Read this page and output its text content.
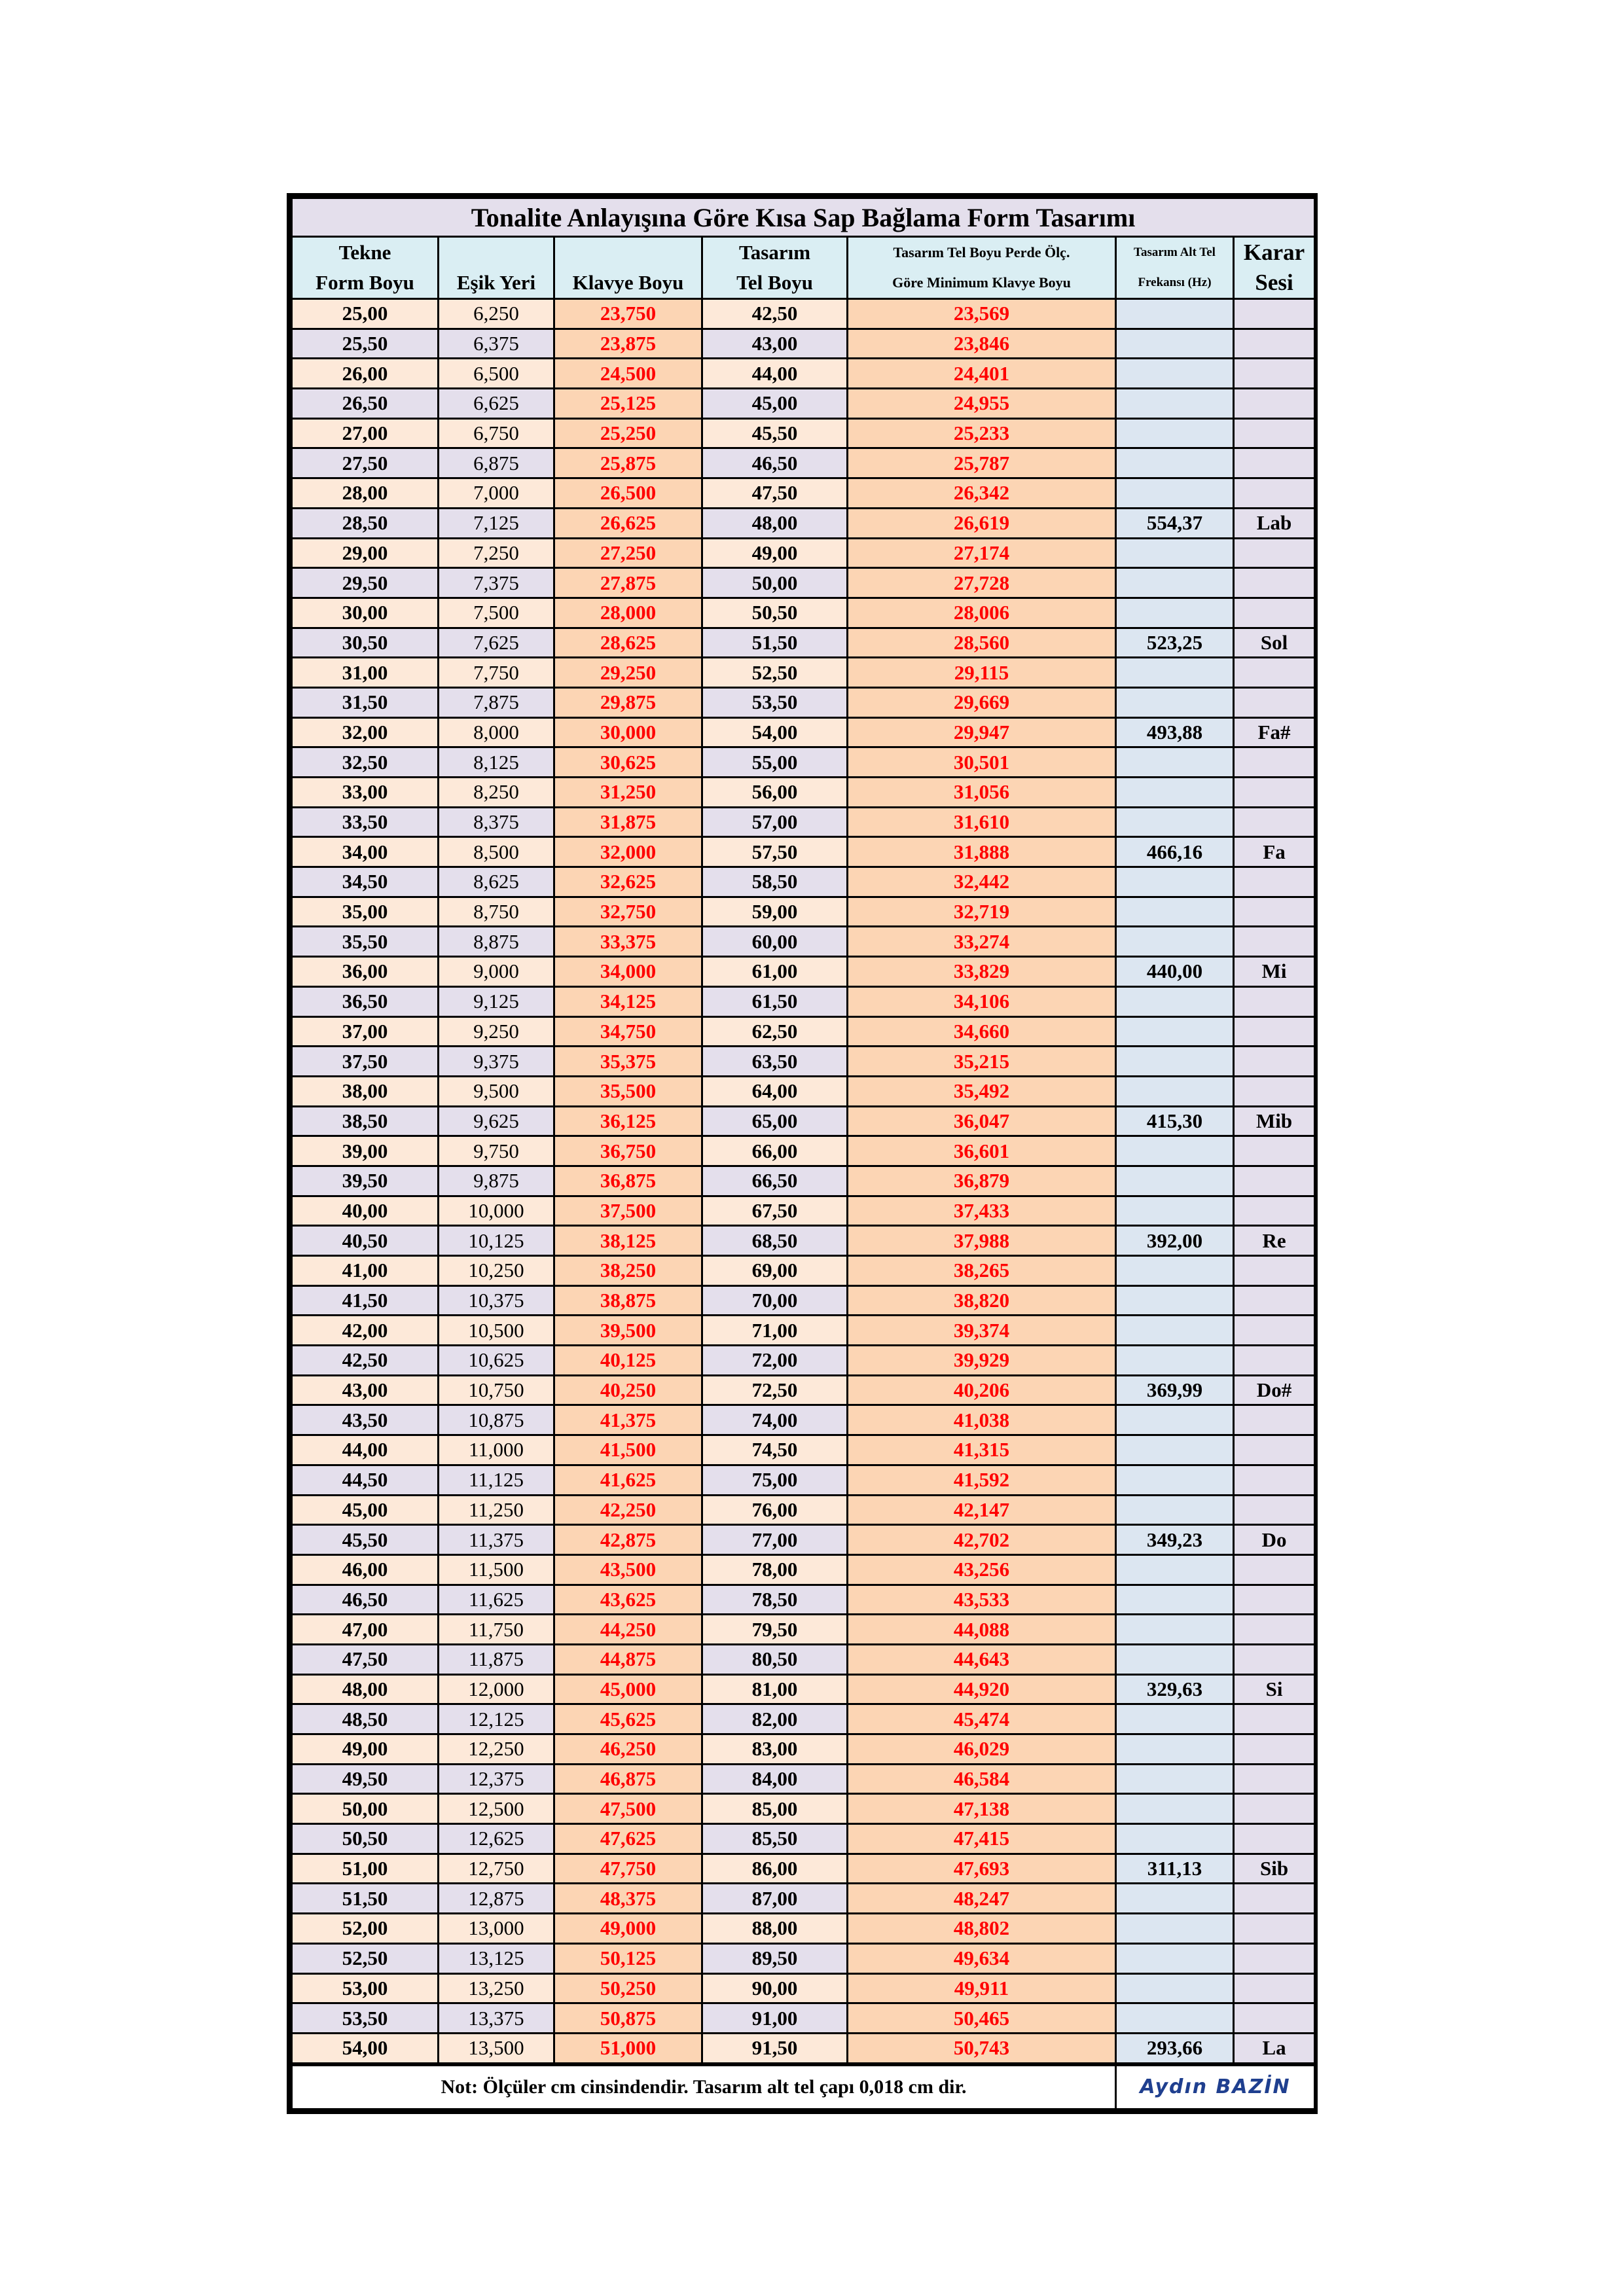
Tonalite Anlayışına Göre Kısa Sap Bağlama Form Tasarımı						
Tekne			Tasarım	Tasarım Tel Boyu Perde Ölç.	Tasarım Alt Tel	Karar
Form Boyu	Eşik Yeri	Klavye Boyu	Tel Boyu	Göre Minimum Klavye Boyu	Frekansı (Hz)	Sesi
25,00	6,250	23,750	42,50	23,569		
25,50	6,375	23,875	43,00	23,846		
26,00	6,500	24,500	44,00	24,401		
26,50	6,625	25,125	45,00	24,955		
27,00	6,750	25,250	45,50	25,233		
27,50	6,875	25,875	46,50	25,787		
28,00	7,000	26,500	47,50	26,342		
28,50	7,125	26,625	48,00	26,619	554,37	Lab
29,00	7,250	27,250	49,00	27,174		
29,50	7,375	27,875	50,00	27,728		
30,00	7,500	28,000	50,50	28,006		
30,50	7,625	28,625	51,50	28,560	523,25	Sol
31,00	7,750	29,250	52,50	29,115		
31,50	7,875	29,875	53,50	29,669		
32,00	8,000	30,000	54,00	29,947	493,88	Fa#
32,50	8,125	30,625	55,00	30,501		
33,00	8,250	31,250	56,00	31,056		
33,50	8,375	31,875	57,00	31,610		
34,00	8,500	32,000	57,50	31,888	466,16	Fa
34,50	8,625	32,625	58,50	32,442		
35,00	8,750	32,750	59,00	32,719		
35,50	8,875	33,375	60,00	33,274		
36,00	9,000	34,000	61,00	33,829	440,00	Mi
36,50	9,125	34,125	61,50	34,106		
37,00	9,250	34,750	62,50	34,660		
37,50	9,375	35,375	63,50	35,215		
38,00	9,500	35,500	64,00	35,492		
38,50	9,625	36,125	65,00	36,047	415,30	Mib
39,00	9,750	36,750	66,00	36,601		
39,50	9,875	36,875	66,50	36,879		
40,00	10,000	37,500	67,50	37,433		
40,50	10,125	38,125	68,50	37,988	392,00	Re
41,00	10,250	38,250	69,00	38,265		
41,50	10,375	38,875	70,00	38,820		
42,00	10,500	39,500	71,00	39,374		
42,50	10,625	40,125	72,00	39,929		
43,00	10,750	40,250	72,50	40,206	369,99	Do#
43,50	10,875	41,375	74,00	41,038		
44,00	11,000	41,500	74,50	41,315		
44,50	11,125	41,625	75,00	41,592		
45,00	11,250	42,250	76,00	42,147		
45,50	11,375	42,875	77,00	42,702	349,23	Do
46,00	11,500	43,500	78,00	43,256		
46,50	11,625	43,625	78,50	43,533		
47,00	11,750	44,250	79,50	44,088		
47,50	11,875	44,875	80,50	44,643		
48,00	12,000	45,000	81,00	44,920	329,63	Si
48,50	12,125	45,625	82,00	45,474		
49,00	12,250	46,250	83,00	46,029		
49,50	12,375	46,875	84,00	46,584		
50,00	12,500	47,500	85,00	47,138		
50,50	12,625	47,625	85,50	47,415		
51,00	12,750	47,750	86,00	47,693	311,13	Sib
51,50	12,875	48,375	87,00	48,247		
52,00	13,000	49,000	88,00	48,802		
52,50	13,125	50,125	89,50	49,634		
53,00	13,250	50,250	90,00	49,911		
53,50	13,375	50,875	91,00	50,465		
54,00	13,500	51,000	91,50	50,743	293,66	La
Not: Ölçüler cm cinsindendir. Tasarım alt tel çapı 0,018 cm dir.					Aydın BAZİN	
